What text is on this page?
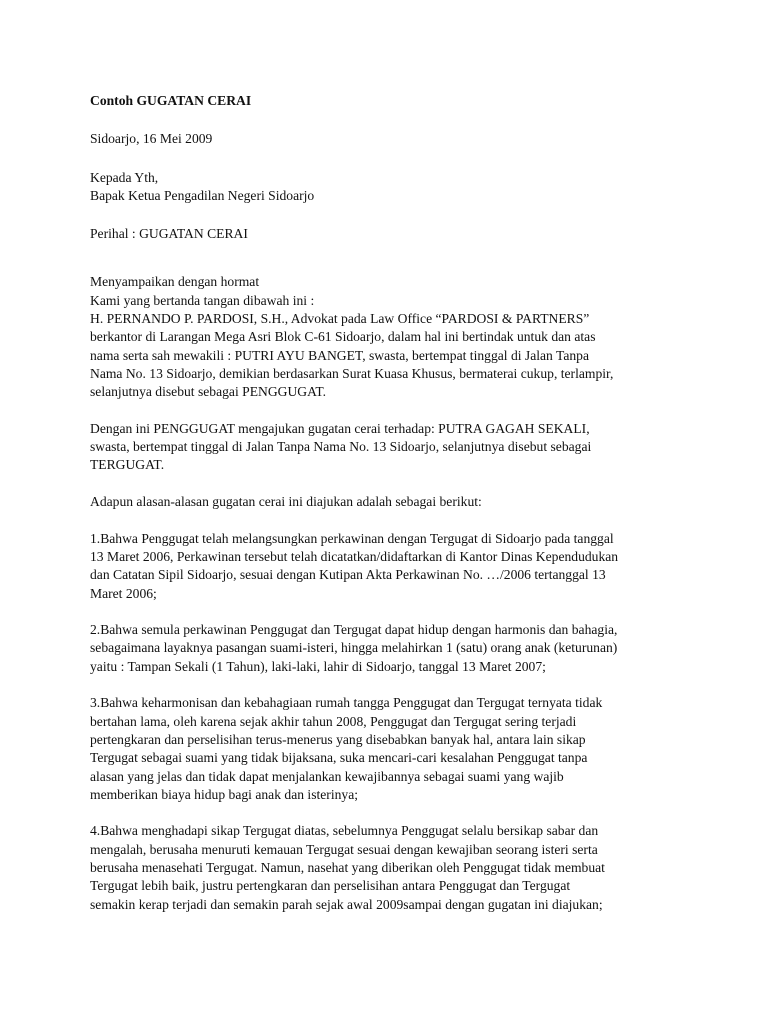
Contoh GUGATAN CERAI
Sidoarjo, 16 Mei 2009
Kepada Yth,
Bapak Ketua Pengadilan Negeri Sidoarjo
Perihal : GUGATAN CERAI
Menyampaikan dengan hormat
Kami yang bertanda tangan dibawah ini :
H. PERNANDO P. PARDOSI, S.H., Advokat pada Law Office “PARDOSI & PARTNERS”
berkantor di Larangan Mega Asri Blok C-61 Sidoarjo, dalam hal ini bertindak untuk dan atas
nama serta sah mewakili : PUTRI AYU BANGET, swasta, bertempat tinggal di Jalan Tanpa
Nama No. 13 Sidoarjo, demikian berdasarkan Surat Kuasa Khusus, bermaterai cukup, terlampir,
selanjutnya disebut sebagai PENGGUGAT.
Dengan ini PENGGUGAT mengajukan gugatan cerai terhadap: PUTRA GAGAH SEKALI,
swasta, bertempat tinggal di Jalan Tanpa Nama No. 13 Sidoarjo, selanjutnya disebut sebagai
TERGUGAT.
Adapun alasan-alasan gugatan cerai ini diajukan adalah sebagai berikut:
1.Bahwa Penggugat telah melangsungkan perkawinan dengan Tergugat di Sidoarjo pada tanggal
13 Maret 2006, Perkawinan tersebut telah dicatatkan/didaftarkan di Kantor Dinas Kependudukan
dan Catatan Sipil Sidoarjo, sesuai dengan Kutipan Akta Perkawinan No. …/2006 tertanggal 13
Maret 2006;
2.Bahwa semula perkawinan Penggugat dan Tergugat dapat hidup dengan harmonis dan bahagia,
sebagaimana layaknya pasangan suami-isteri, hingga melahirkan 1 (satu) orang anak (keturunan)
yaitu : Tampan Sekali (1 Tahun), laki-laki, lahir di Sidoarjo, tanggal 13 Maret 2007;
3.Bahwa keharmonisan dan kebahagiaan rumah tangga Penggugat dan Tergugat ternyata tidak
bertahan lama, oleh karena sejak akhir tahun 2008, Penggugat dan Tergugat sering terjadi
pertengkaran dan perselisihan terus-menerus yang disebabkan banyak hal, antara lain sikap
Tergugat sebagai suami yang tidak bijaksana, suka mencari-cari kesalahan Penggugat tanpa
alasan yang jelas dan tidak dapat menjalankan kewajibannya sebagai suami yang wajib
memberikan biaya hidup bagi anak dan isterinya;
4.Bahwa menghadapi sikap Tergugat diatas, sebelumnya Penggugat selalu bersikap sabar dan
mengalah, berusaha menuruti kemauan Tergugat sesuai dengan kewajiban seorang isteri serta
berusaha menasehati Tergugat. Namun, nasehat yang diberikan oleh Penggugat tidak membuat
Tergugat lebih baik, justru pertengkaran dan perselisihan antara Penggugat dan Tergugat
semakin kerap terjadi dan semakin parah sejak awal 2009sampai dengan gugatan ini diajukan;
